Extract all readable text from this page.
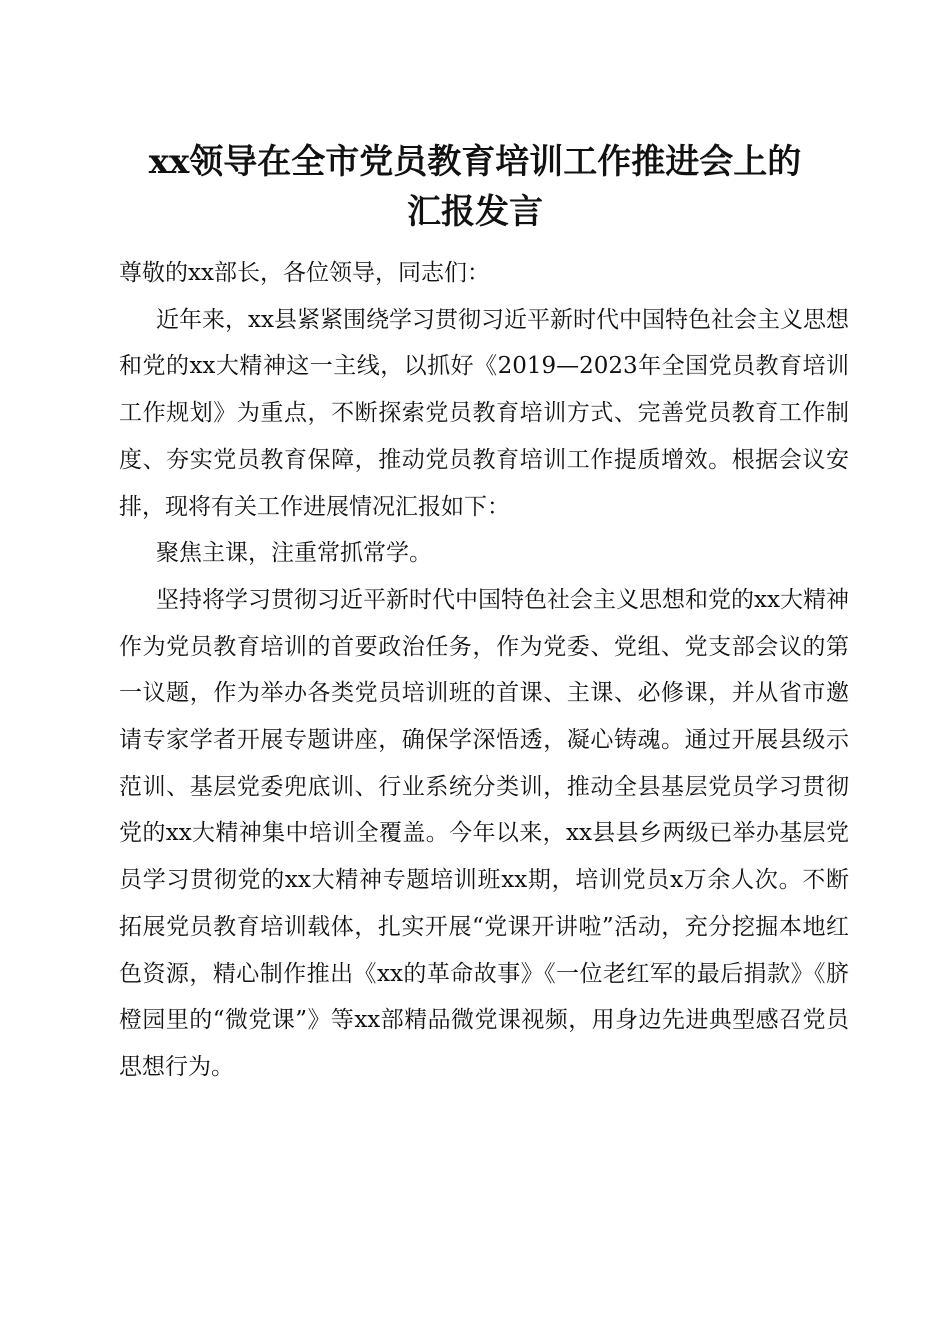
xx领导在全市党员教育培训工作推进会上的
汇报发言

尊敬的xx部长，各位领导，同志们：

近年来，xx县紧紧围绕学习贯彻习近平新时代中国特色社会主义思想和党的xx大精神这一主线，以抓好《2019—2023年全国党员教育培训工作规划》为重点，不断探索党员教育培训方式、完善党员教育工作制度、夯实党员教育保障，推动党员教育培训工作提质增效。根据会议安排，现将有关工作进展情况汇报如下：

聚焦主课，注重常抓常学。

坚持将学习贯彻习近平新时代中国特色社会主义思想和党的xx大精神作为党员教育培训的首要政治任务，作为党委、党组、党支部会议的第一议题，作为举办各类党员培训班的首课、主课、必修课，并从省市邀请专家学者开展专题讲座，确保学深悟透，凝心铸魂。通过开展县级示范训、基层党委兜底训、行业系统分类训，推动全县基层党员学习贯彻党的xx大精神集中培训全覆盖。今年以来，xx县县乡两级已举办基层党员学习贯彻党的xx大精神专题培训班xx期，培训党员x万余人次。不断拓展党员教育培训载体，扎实开展“党课开讲啦”活动，充分挖掘本地红色资源，精心制作推出《xx的革命故事》《一位老红军的最后捐款》《脐橙园里的“微党课”》等xx部精品微党课视频，用身边先进典型感召党员思想行为。
